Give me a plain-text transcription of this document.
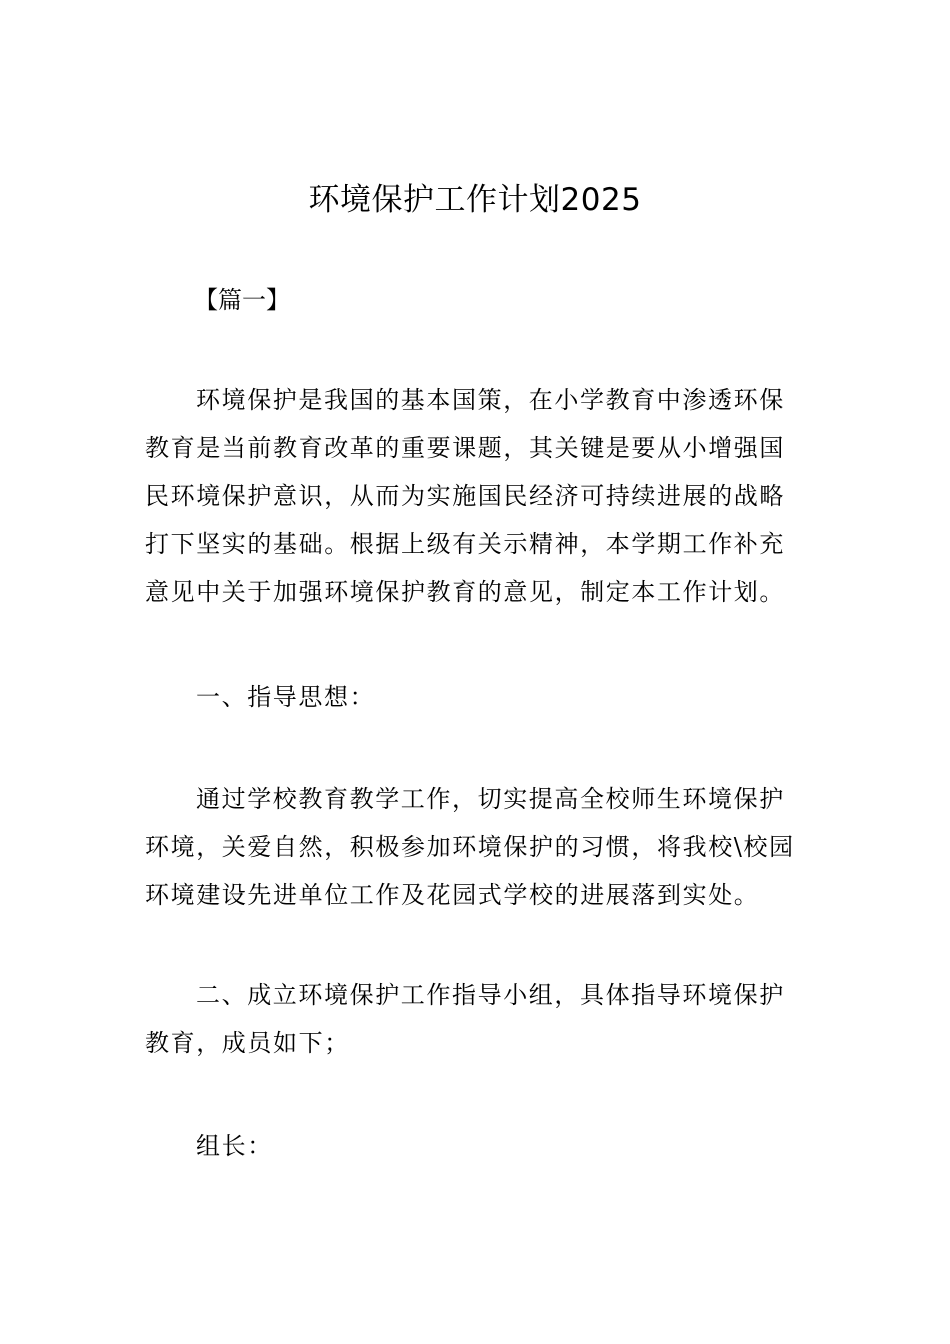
环境保护工作计划2025
【篇一】
环境保护是我国的基本国策，在小学教育中渗透环保
教育是当前教育改革的重要课题，其关键是要从小增强国
民环境保护意识，从而为实施国民经济可持续进展的战略
打下坚实的基础。根据上级有关示精神，本学期工作补充
意见中关于加强环境保护教育的意见，制定本工作计划。
一、指导思想：
通过学校教育教学工作，切实提高全校师生环境保护
环境，关爱自然，积极参加环境保护的习惯，将我校\校园
环境建设先进单位工作及花园式学校的进展落到实处。
二、成立环境保护工作指导小组，具体指导环境保护
教育，成员如下；
组长：
